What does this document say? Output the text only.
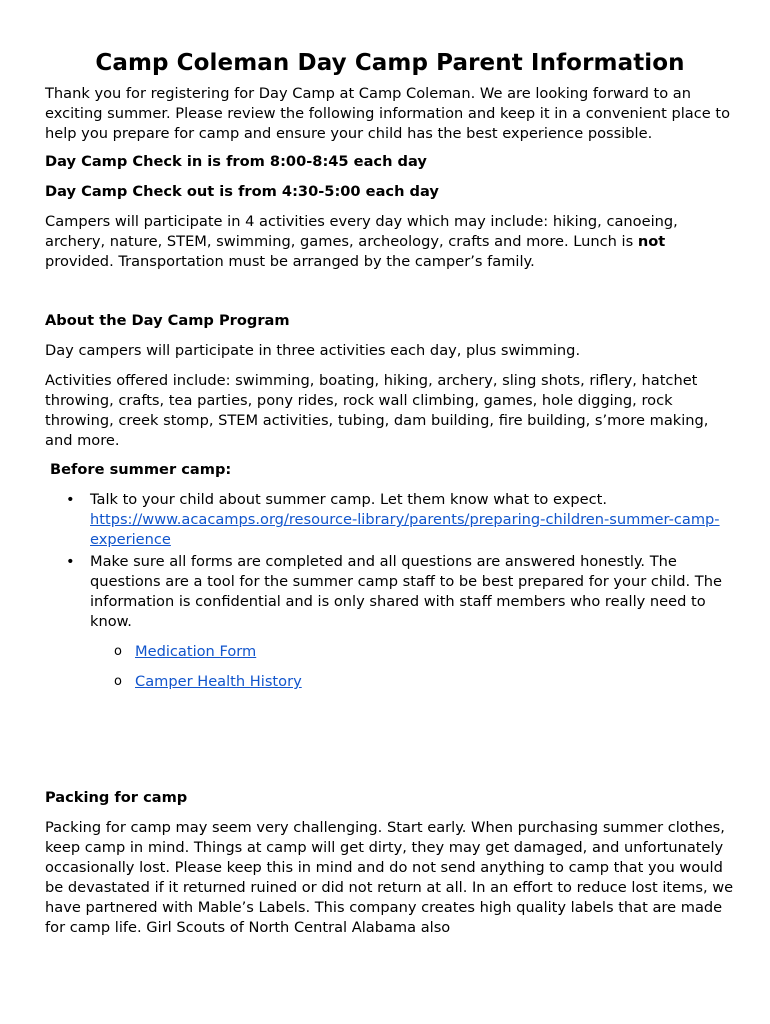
Camp Coleman Day Camp Parent Information

Thank you for registering for Day Camp at Camp Coleman. We are looking forward to an exciting summer. Please review the following information and keep it in a convenient place to help you prepare for camp and ensure your child has the best experience possible.

Day Camp Check in is from 8:00-8:45 each day

Day Camp Check out is from 4:30-5:00 each day

Campers will participate in 4 activities every day which may include: hiking, canoeing, archery, nature, STEM, swimming, games, archeology, crafts and more. Lunch is not provided. Transportation must be arranged by the camper’s family.

About the Day Camp Program

Day campers will participate in three activities each day, plus swimming.

Activities offered include: swimming, boating, hiking, archery, sling shots, riflery, hatchet throwing, crafts, tea parties, pony rides, rock wall climbing, games, hole digging, rock throwing, creek stomp, STEM activities, tubing, dam building, fire building, s’more making, and more.

Before summer camp:

• Talk to your child about summer camp. Let them know what to expect.
https://www.acacamps.org/resource-library/parents/preparing-children-summer-camp-experience
• Make sure all forms are completed and all questions are answered honestly. The questions are a tool for the summer camp staff to be best prepared for your child. The information is confidential and is only shared with staff members who really need to know.
o Medication Form
o Camper Health History

Packing for camp

Packing for camp may seem very challenging. Start early. When purchasing summer clothes, keep camp in mind. Things at camp will get dirty, they may get damaged, and unfortunately occasionally lost. Please keep this in mind and do not send anything to camp that you would be devastated if it returned ruined or did not return at all. In an effort to reduce lost items, we have partnered with Mable’s Labels. This company creates high quality labels that are made for camp life. Girl Scouts of North Central Alabama also
